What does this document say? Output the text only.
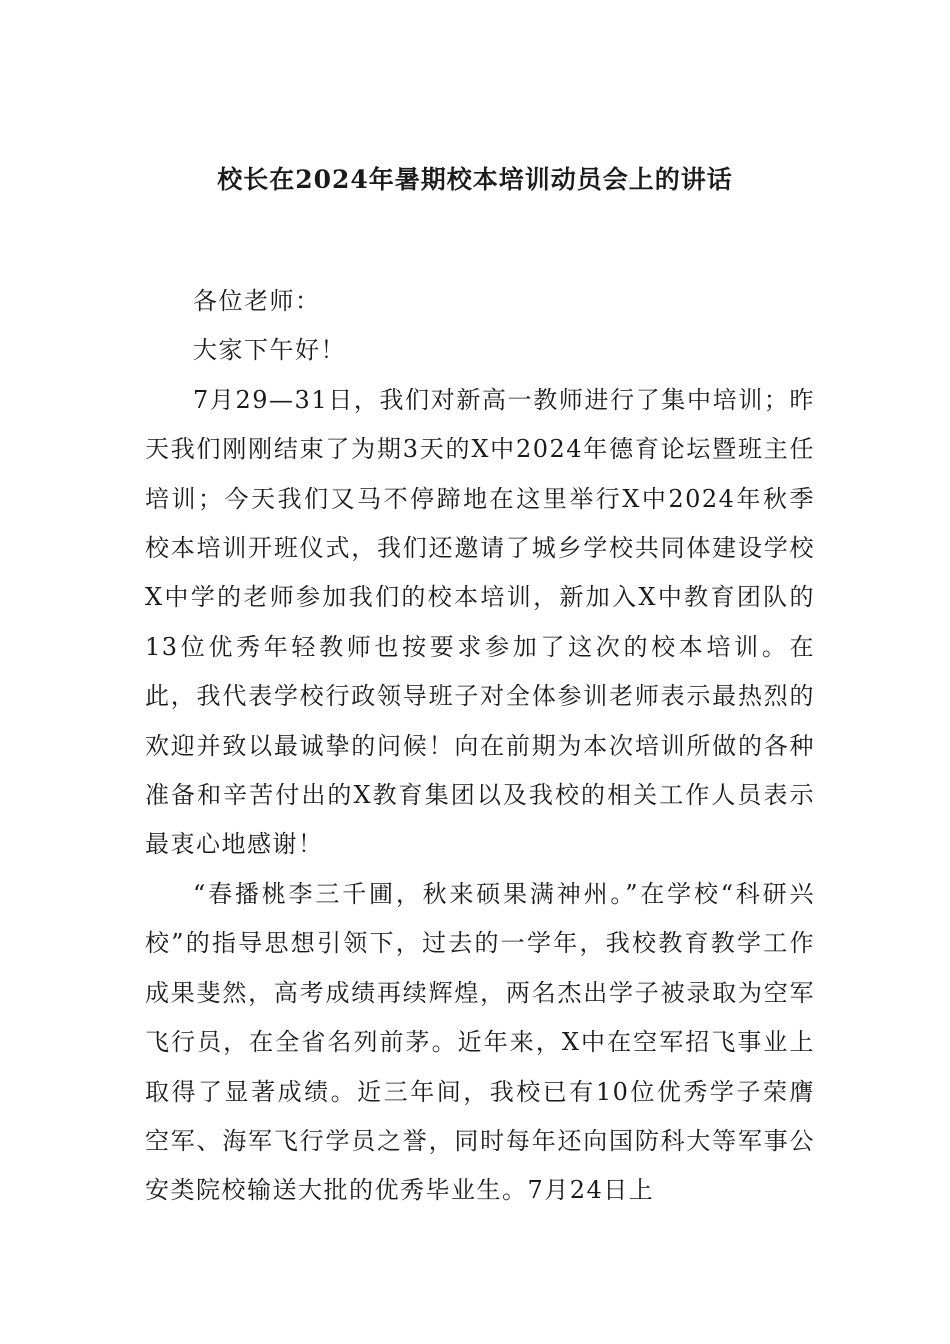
校长在2024年暑期校本培训动员会上的讲话

各位老师：

大家下午好！

7月29—31日，我们对新高一教师进行了集中培训；昨天我们刚刚结束了为期3天的X中2024年德育论坛暨班主任培训；今天我们又马不停蹄地在这里举行X中2024年秋季校本培训开班仪式，我们还邀请了城乡学校共同体建设学校X中学的老师参加我们的校本培训，新加入X中教育团队的13位优秀年轻教师也按要求参加了这次的校本培训。在此，我代表学校行政领导班子对全体参训老师表示最热烈的欢迎并致以最诚挚的问候！向在前期为本次培训所做的各种准备和辛苦付出的X教育集团以及我校的相关工作人员表示最衷心地感谢！

“春播桃李三千圃，秋来硕果满神州。”在学校“科研兴校”的指导思想引领下，过去的一学年，我校教育教学工作成果斐然，高考成绩再续辉煌，两名杰出学子被录取为空军飞行员，在全省名列前茅。近年来，X中在空军招飞事业上取得了显著成绩。近三年间，我校已有10位优秀学子荣膺空军、海军飞行学员之誉，同时每年还向国防科大等军事公安类院校输送大批的优秀毕业生。7月24日上
